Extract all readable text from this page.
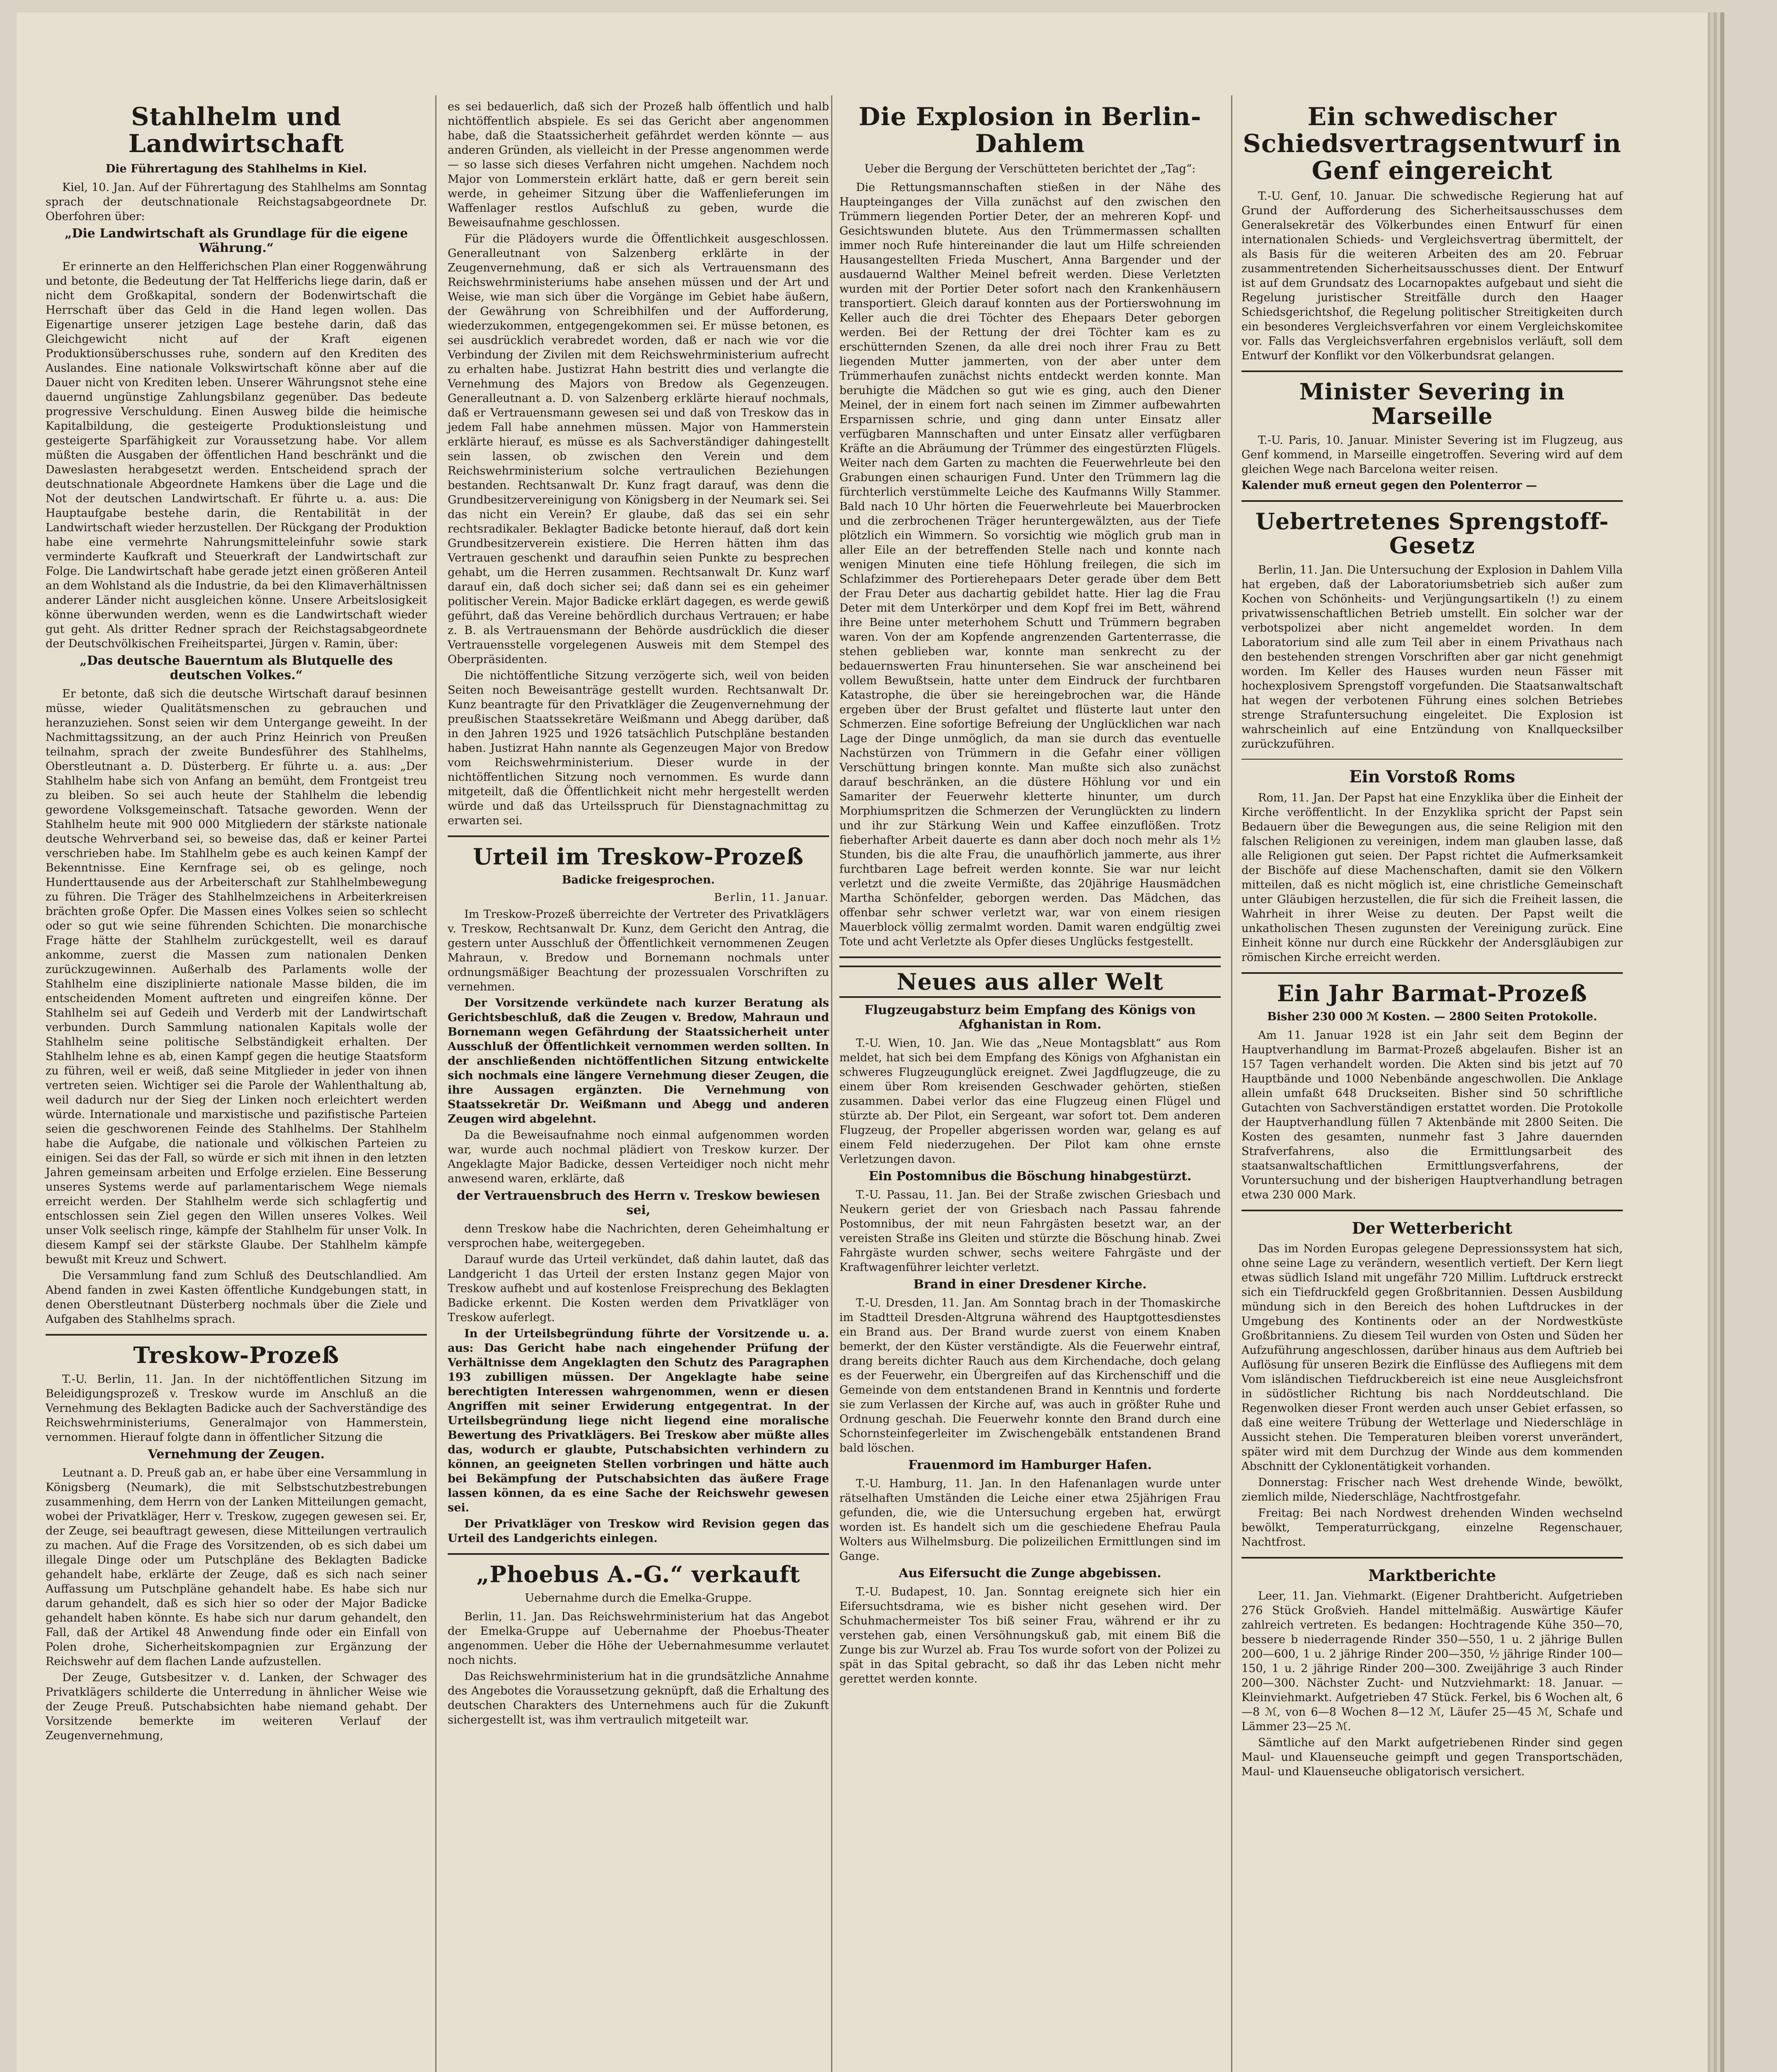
Stahlhelm und Landwirtschaft
Die Führertagung des Stahlhelms in Kiel.

Kiel, 10. Jan. Auf der Führertagung des Stahlhelms am Sonntag sprach der deutschnationale Reichstagsabgeordnete Dr. Oberfohren über:

„Die Landwirtschaft als Grundlage für die eigene Währung.“

Er erinnerte an den Helfferichschen Plan einer Roggenwährung und betonte, die Bedeutung der Tat Helfferichs liege darin, daß er nicht dem Großkapital, sondern der Bodenwirtschaft die Herrschaft über das Geld in die Hand legen wollen. Das Eigenartige unserer jetzigen Lage bestehe darin, daß das Gleichgewicht nicht auf der Kraft eigenen Produktionsüberschusses ruhe, sondern auf den Krediten des Auslandes. Eine nationale Volkswirtschaft könne aber auf die Dauer nicht von Krediten leben. Unserer Währungsnot stehe eine dauernd ungünstige Zahlungsbilanz gegenüber. Das bedeute progressive Verschuldung. Einen Ausweg bilde die heimische Kapitalbildung, die gesteigerte Produktionsleistung und gesteigerte Sparfähigkeit zur Voraussetzung habe. Vor allem müßten die Ausgaben der öffentlichen Hand beschränkt und die Daweslasten herabgesetzt werden. Entscheidend sprach der deutschnationale Abgeordnete Hamkens über die Lage und die Not der deutschen Landwirtschaft. Er führte u. a. aus: Die Hauptaufgabe bestehe darin, die Rentabilität in der Landwirtschaft wieder herzustellen. Der Rückgang der Produktion habe eine vermehrte Nahrungsmitteleinfuhr sowie stark verminderte Kaufkraft und Steuerkraft der Landwirtschaft zur Folge. Die Landwirtschaft habe gerade jetzt einen größeren Anteil an dem Wohlstand als die Industrie, da bei den Klimaverhältnissen anderer Länder nicht ausgleichen könne. Unsere Arbeitslosigkeit könne überwunden werden, wenn es die Landwirtschaft wieder gut geht. Als dritter Redner sprach der Reichstagsabgeordnete der Deutschvölkischen Freiheitspartei, Jürgen v. Ramin, über:

„Das deutsche Bauerntum als Blutquelle des deutschen Volkes.“

Er betonte, daß sich die deutsche Wirtschaft darauf besinnen müsse, wieder Qualitätsmenschen zu gebrauchen und heranzuziehen. Sonst seien wir dem Untergange geweiht. In der Nachmittagssitzung, an der auch Prinz Heinrich von Preußen teilnahm, sprach der zweite Bundesführer des Stahlhelms, Oberstleutnant a. D. Düsterberg. Er führte u. a. aus: „Der Stahlhelm habe sich von Anfang an bemüht, dem Frontgeist treu zu bleiben. So sei auch heute der Stahlhelm die lebendig gewordene Volksgemeinschaft. Tatsache geworden. Wenn der Stahlhelm heute mit 900 000 Mitgliedern der stärkste nationale deutsche Wehrverband sei, so beweise das, daß er keiner Partei verschrieben habe. Im Stahlhelm gebe es auch keinen Kampf der Bekenntnisse. Eine Kernfrage sei, ob es gelinge, noch Hunderttausende aus der Arbeiterschaft zur Stahlhelmbewegung zu führen. Die Träger des Stahlhelmzeichens in Arbeiterkreisen brächten große Opfer. Die Massen eines Volkes seien so schlecht oder so gut wie seine führenden Schichten. Die monarchische Frage hätte der Stahlhelm zurückgestellt, weil es darauf ankomme, zuerst die Massen zum nationalen Denken zurückzugewinnen. Außerhalb des Parlaments wolle der Stahlhelm eine disziplinierte nationale Masse bilden, die im entscheidenden Moment auftreten und eingreifen könne. Der Stahlhelm sei auf Gedeih und Verderb mit der Landwirtschaft verbunden. Durch Sammlung nationalen Kapitals wolle der Stahlhelm seine politische Selbständigkeit erhalten. Der Stahlhelm lehne es ab, einen Kampf gegen die heutige Staatsform zu führen, weil er weiß, daß seine Mitglieder in jeder von ihnen vertreten seien. Wichtiger sei die Parole der Wahlenthaltung ab, weil dadurch nur der Sieg der Linken noch erleichtert werden würde. Internationale und marxistische und pazifistische Parteien seien die geschworenen Feinde des Stahlhelms. Der Stahlhelm habe die Aufgabe, die nationale und völkischen Parteien zu einigen. Sei das der Fall, so würde er sich mit ihnen in den letzten Jahren gemeinsam arbeiten und Erfolge erzielen. Eine Besserung unseres Systems werde auf parlamentarischem Wege niemals erreicht werden. Der Stahlhelm werde sich schlagfertig und entschlossen sein Ziel gegen den Willen unseres Volkes. Weil unser Volk seelisch ringe, kämpfe der Stahlhelm für unser Volk. In diesem Kampf sei der stärkste Glaube. Der Stahlhelm kämpfe bewußt mit Kreuz und Schwert.

Die Versammlung fand zum Schluß des Deutschlandlied. Am Abend fanden in zwei Kasten öffentliche Kundgebungen statt, in denen Oberstleutnant Düsterberg nochmals über die Ziele und Aufgaben des Stahlhelms sprach.

Treskow-Prozeß

T.-U. Berlin, 11. Jan. In der nichtöffentlichen Sitzung im Beleidigungsprozeß v. Treskow wurde im Anschluß an die Vernehmung des Beklagten Badicke auch der Sachverständige des Reichswehrministeriums, Generalmajor von Hammerstein, vernommen. Hierauf folgte dann in öffentlicher Sitzung die

Vernehmung der Zeugen.

Leutnant a. D. Preuß gab an, er habe über eine Versammlung in Königsberg (Neumark), die mit Selbstschutzbestrebungen zusammenhing, dem Herrn von der Lanken Mitteilungen gemacht, wobei der Privatkläger, Herr v. Treskow, zugegen gewesen sei. Er, der Zeuge, sei beauftragt gewesen, diese Mitteilungen vertraulich zu machen. Auf die Frage des Vorsitzenden, ob es sich dabei um illegale Dinge oder um Putschpläne des Beklagten Badicke gehandelt habe, erklärte der Zeuge, daß es sich nach seiner Auffassung um Putschpläne gehandelt habe. Es habe sich nur darum gehandelt, daß es sich hier so oder der Major Badicke gehandelt haben könnte. Es habe sich nur darum gehandelt, den Fall, daß der Artikel 48 Anwendung finde oder ein Einfall von Polen drohe, Sicherheitskompagnien zur Ergänzung der Reichswehr auf dem flachen Lande aufzustellen.

Der Zeuge, Gutsbesitzer v. d. Lanken, der Schwager des Privatklägers schilderte die Unterredung in ähnlicher Weise wie der Zeuge Preuß. Putschabsichten habe niemand gehabt. Der Vorsitzende bemerkte im weiteren Verlauf der Zeugenvernehmung,

es sei bedauerlich, daß sich der Prozeß halb öffentlich und halb nichtöffentlich abspiele. Es sei das Gericht aber angenommen habe, daß die Staatssicherheit gefährdet werden könnte — aus anderen Gründen, als vielleicht in der Presse angenommen werde — so lasse sich dieses Verfahren nicht umgehen. Nachdem noch Major von Lommerstein erklärt hatte, daß er gern bereit sein werde, in geheimer Sitzung über die Waffenlieferungen im Waffenlager restlos Aufschluß zu geben, wurde die Beweisaufnahme geschlossen.

Für die Plädoyers wurde die Öffentlichkeit ausgeschlossen. Generalleutnant von Salzenberg erklärte in der Zeugenvernehmung, daß er sich als Vertrauensmann des Reichswehrministeriums habe ansehen müssen und der Art und Weise, wie man sich über die Vorgänge im Gebiet habe äußern, der Gewährung von Schreibhilfen und der Aufforderung, wiederzukommen, entgegengekommen sei. Er müsse betonen, es sei ausdrücklich verabredet worden, daß er nach wie vor die Verbindung der Zivilen mit dem Reichswehrministerium aufrecht zu erhalten habe. Justizrat Hahn bestritt dies und verlangte die Vernehmung des Majors von Bredow als Gegenzeugen. Generalleutnant a. D. von Salzenberg erklärte hierauf nochmals, daß er Vertrauensmann gewesen sei und daß von Treskow das in jedem Fall habe annehmen müssen. Major von Hammerstein erklärte hierauf, es müsse es als Sachverständiger dahingestellt sein lassen, ob zwischen den Verein und dem Reichswehrministerium solche vertraulichen Beziehungen bestanden. Rechtsanwalt Dr. Kunz fragt darauf, was denn die Grundbesitzervereinigung von Königsberg in der Neumark sei. Sei das nicht ein Verein? Er glaube, daß das sei ein sehr rechtsradikaler. Beklagter Badicke betonte hierauf, daß dort kein Grundbesitzerverein existiere. Die Herren hätten ihm das Vertrauen geschenkt und daraufhin seien Punkte zu besprechen gehabt, um die Herren zusammen. Rechtsanwalt Dr. Kunz warf darauf ein, daß doch sicher sei; daß dann sei es ein geheimer politischer Verein. Major Badicke erklärt dagegen, es werde gewiß geführt, daß das Vereine behördlich durchaus Vertrauen; er habe z. B. als Vertrauensmann der Behörde ausdrücklich die dieser Vertrauensstelle vorgelegenen Ausweis mit dem Stempel des Oberpräsidenten.

Die nichtöffentliche Sitzung verzögerte sich, weil von beiden Seiten noch Beweisanträge gestellt wurden. Rechtsanwalt Dr. Kunz beantragte für den Privatkläger die Zeugenvernehmung der preußischen Staatssekretäre Weißmann und Abegg darüber, daß in den Jahren 1925 und 1926 tatsächlich Putschpläne bestanden haben. Justizrat Hahn nannte als Gegenzeugen Major von Bredow vom Reichswehrministerium. Dieser wurde in der nichtöffentlichen Sitzung noch vernommen. Es wurde dann mitgeteilt, daß die Öffentlichkeit nicht mehr hergestellt werden würde und daß das Urteilsspruch für Dienstagnachmittag zu erwarten sei.

Urteil im Treskow-Prozeß
Badicke freigesprochen.
Berlin, 11. Januar.

Im Treskow-Prozeß überreichte der Vertreter des Privatklägers v. Treskow, Rechtsanwalt Dr. Kunz, dem Gericht den Antrag, die gestern unter Ausschluß der Öffentlichkeit vernommenen Zeugen Mahraun, v. Bredow und Bornemann nochmals unter ordnungsmäßiger Beachtung der prozessualen Vorschriften zu vernehmen.

Der Vorsitzende verkündete nach kurzer Beratung als Gerichtsbeschluß, daß die Zeugen v. Bredow, Mahraun und Bornemann wegen Gefährdung der Staatssicherheit unter Ausschluß der Öffentlichkeit vernommen werden sollten. In der anschließenden nichtöffentlichen Sitzung entwickelte sich nochmals eine längere Vernehmung dieser Zeugen, die ihre Aussagen ergänzten. Die Vernehmung von Staatssekretär Dr. Weißmann und Abegg und anderen Zeugen wird abgelehnt.

Da die Beweisaufnahme noch einmal aufgenommen worden war, wurde auch nochmal plädiert von Treskow kurzer. Der Angeklagte Major Badicke, dessen Verteidiger noch nicht mehr anwesend waren, erklärte, daß

der Vertrauensbruch des Herrn v. Treskow bewiesen sei,

denn Treskow habe die Nachrichten, deren Geheimhaltung er versprochen habe, weitergegeben.

Darauf wurde das Urteil verkündet, daß dahin lautet, daß das Landgericht 1 das Urteil der ersten Instanz gegen Major von Treskow aufhebt und auf kostenlose Freisprechung des Beklagten Badicke erkennt. Die Kosten werden dem Privatkläger von Treskow auferlegt.

In der Urteilsbegründung führte der Vorsitzende u. a. aus: Das Gericht habe nach eingehender Prüfung der Verhältnisse dem Angeklagten den Schutz des Paragraphen 193 zubilligen müssen. Der Angeklagte habe seine berechtigten Interessen wahrgenommen, wenn er diesen Angriffen mit seiner Erwiderung entgegentrat. In der Urteilsbegründung liege nicht liegend eine moralische Bewertung des Privatklägers. Bei Treskow aber müßte alles das, wodurch er glaubte, Putschabsichten verhindern zu können, an geeigneten Stellen vorbringen und hätte auch bei Bekämpfung der Putschabsichten das äußere Frage lassen können, da es eine Sache der Reichswehr gewesen sei.

Der Privatkläger von Treskow wird Revision gegen das Urteil des Landgerichts einlegen.

„Phoebus A.-G.“ verkauft
Uebernahme durch die Emelka-Gruppe.

Berlin, 11. Jan. Das Reichswehrministerium hat das Angebot der Emelka-Gruppe auf Uebernahme der Phoebus-Theater angenommen. Ueber die Höhe der Uebernahmesumme verlautet noch nichts.

Das Reichswehrministerium hat in die grundsätzliche Annahme des Angebotes die Voraussetzung geknüpft, daß die Erhaltung des deutschen Charakters des Unternehmens auch für die Zukunft sichergestellt ist, was ihm vertraulich mitgeteilt war.

Die Explosion in Berlin-Dahlem
Ueber die Bergung der Verschütteten berichtet der „Tag“:

Die Rettungsmannschaften stießen in der Nähe des Haupteinganges der Villa zunächst auf den zwischen den Trümmern liegenden Portier Deter, der an mehreren Kopf- und Gesichtswunden blutete. Aus den Trümmermassen schallten immer noch Rufe hintereinander die laut um Hilfe schreienden Hausangestellten Frieda Muschert, Anna Bargender und der ausdauernd Walther Meinel befreit werden. Diese Verletzten wurden mit der Portier Deter sofort nach den Krankenhäusern transportiert. Gleich darauf konnten aus der Portierswohnung im Keller auch die drei Töchter des Ehepaars Deter geborgen werden. Bei der Rettung der drei Töchter kam es zu erschütternden Szenen, da alle drei noch ihrer Frau zu Bett liegenden Mutter jammerten, von der aber unter dem Trümmerhaufen zunächst nichts entdeckt werden konnte. Man beruhigte die Mädchen so gut wie es ging, auch den Diener Meinel, der in einem fort nach seinen im Zimmer aufbewahrten Ersparnissen schrie, und ging dann unter Einsatz aller verfügbaren Mannschaften und unter Einsatz aller verfügbaren Kräfte an die Abräumung der Trümmer des eingestürzten Flügels. Weiter nach dem Garten zu machten die Feuerwehrleute bei den Grabungen einen schaurigen Fund. Unter den Trümmern lag die fürchterlich verstümmelte Leiche des Kaufmanns Willy Stammer. Bald nach 10 Uhr hörten die Feuerwehrleute bei Mauerbrocken und die zerbrochenen Träger heruntergewälzten, aus der Tiefe plötzlich ein Wimmern. So vorsichtig wie möglich grub man in aller Eile an der betreffenden Stelle nach und konnte nach wenigen Minuten eine tiefe Höhlung freilegen, die sich im Schlafzimmer des Portierehepaars Deter gerade über dem Bett der Frau Deter aus dachartig gebildet hatte. Hier lag die Frau Deter mit dem Unterkörper und dem Kopf frei im Bett, während ihre Beine unter meterhohem Schutt und Trümmern begraben waren. Von der am Kopfende angrenzenden Gartenterrasse, die stehen geblieben war, konnte man senkrecht zu der bedauernswerten Frau hinuntersehen. Sie war anscheinend bei vollem Bewußtsein, hatte unter dem Eindruck der furchtbaren Katastrophe, die über sie hereingebrochen war, die Hände ergeben über der Brust gefaltet und flüsterte laut unter den Schmerzen. Eine sofortige Befreiung der Unglücklichen war nach Lage der Dinge unmöglich, da man sie durch das eventuelle Nachstürzen von Trümmern in die Gefahr einer völligen Verschüttung bringen konnte. Man mußte sich also zunächst darauf beschränken, an die düstere Höhlung vor und ein Samariter der Feuerwehr kletterte hinunter, um durch Morphiumspritzen die Schmerzen der Verunglückten zu lindern und ihr zur Stärkung Wein und Kaffee einzuflößen. Trotz fieberhafter Arbeit dauerte es dann aber doch noch mehr als 1½ Stunden, bis die alte Frau, die unaufhörlich jammerte, aus ihrer furchtbaren Lage befreit werden konnte. Sie war nur leicht verletzt und die zweite Vermißte, das 20jährige Hausmädchen Martha Schönfelder, geborgen werden. Das Mädchen, das offenbar sehr schwer verletzt war, war von einem riesigen Mauerblock völlig zermalmt worden. Damit waren endgültig zwei Tote und acht Verletzte als Opfer dieses Unglücks festgestellt.

Neues aus aller Welt
Flugzeugabsturz beim Empfang des Königs von Afghanistan in Rom.

T.-U. Wien, 10. Jan. Wie das „Neue Montagsblatt“ aus Rom meldet, hat sich bei dem Empfang des Königs von Afghanistan ein schweres Flugzeugunglück ereignet. Zwei Jagdflugzeuge, die zu einem über Rom kreisenden Geschwader gehörten, stießen zusammen. Dabei verlor das eine Flugzeug einen Flügel und stürzte ab. Der Pilot, ein Sergeant, war sofort tot. Dem anderen Flugzeug, der Propeller abgerissen worden war, gelang es auf einem Feld niederzugehen. Der Pilot kam ohne ernste Verletzungen davon.

Ein Postomnibus die Böschung hinabgestürzt.

T.-U. Passau, 11. Jan. Bei der Straße zwischen Griesbach und Neukern geriet der von Griesbach nach Passau fahrende Postomnibus, der mit neun Fahrgästen besetzt war, an der vereisten Straße ins Gleiten und stürzte die Böschung hinab. Zwei Fahrgäste wurden schwer, sechs weitere Fahrgäste und der Kraftwagenführer leichter verletzt.

Brand in einer Dresdener Kirche.

T.-U. Dresden, 11. Jan. Am Sonntag brach in der Thomaskirche im Stadtteil Dresden-Altgruna während des Hauptgottesdienstes ein Brand aus. Der Brand wurde zuerst von einem Knaben bemerkt, der den Küster verständigte. Als die Feuerwehr eintraf, drang bereits dichter Rauch aus dem Kirchendache, doch gelang es der Feuerwehr, ein Übergreifen auf das Kirchenschiff und die Gemeinde von dem entstandenen Brand in Kenntnis und forderte sie zum Verlassen der Kirche auf, was auch in größter Ruhe und Ordnung geschah. Die Feuerwehr konnte den Brand durch eine Schornsteinfegerleiter im Zwischengebälk entstandenen Brand bald löschen.

Frauenmord im Hamburger Hafen.

T.-U. Hamburg, 11. Jan. In den Hafenanlagen wurde unter rätselhaften Umständen die Leiche einer etwa 25jährigen Frau gefunden, die, wie die Untersuchung ergeben hat, erwürgt worden ist. Es handelt sich um die geschiedene Ehefrau Paula Wolters aus Wilhelmsburg. Die polizeilichen Ermittlungen sind im Gange.

Aus Eifersucht die Zunge abgebissen.

T.-U. Budapest, 10. Jan. Sonntag ereignete sich hier ein Eifersuchtsdrama, wie es bisher nicht gesehen wird. Der Schuhmachermeister Tos biß seiner Frau, während er ihr zu verstehen gab, einen Versöhnungskuß gab, mit einem Biß die Zunge bis zur Wurzel ab. Frau Tos wurde sofort von der Polizei zu spät in das Spital gebracht, so daß ihr das Leben nicht mehr gerettet werden konnte.

Ein schwedischer Schiedsvertragsentwurf in Genf eingereicht

T.-U. Genf, 10. Januar. Die schwedische Regierung hat auf Grund der Aufforderung des Sicherheitsausschusses dem Generalsekretär des Völkerbundes einen Entwurf für einen internationalen Schieds- und Vergleichsvertrag übermittelt, der als Basis für die weiteren Arbeiten des am 20. Februar zusammentretenden Sicherheitsausschusses dient. Der Entwurf ist auf dem Grundsatz des Locarnopaktes aufgebaut und sieht die Regelung juristischer Streitfälle durch den Haager Schiedsgerichtshof, die Regelung politischer Streitigkeiten durch ein besonderes Vergleichsverfahren vor einem Vergleichskomitee vor. Falls das Vergleichsverfahren ergebnislos verläuft, soll dem Entwurf der Konflikt vor den Völkerbundsrat gelangen.

Minister Severing in Marseille

T.-U. Paris, 10. Januar. Minister Severing ist im Flugzeug, aus Genf kommend, in Marseille eingetroffen. Severing wird auf dem gleichen Wege nach Barcelona weiter reisen.

Kalender muß erneut gegen den Polenterror —
Uebertretenes Sprengstoff-Gesetz

Berlin, 11. Jan. Die Untersuchung der Explosion in Dahlem Villa hat ergeben, daß der Laboratoriumsbetrieb sich außer zum Kochen von Schönheits- und Verjüngungsartikeln (!) zu einem privatwissenschaftlichen Betrieb umstellt. Ein solcher war der verbotspolizei aber nicht angemeldet worden. In dem Laboratorium sind alle zum Teil aber in einem Privathaus nach den bestehenden strengen Vorschriften aber gar nicht genehmigt worden. Im Keller des Hauses wurden neun Fässer mit hochexplosivem Sprengstoff vorgefunden. Die Staatsanwaltschaft hat wegen der verbotenen Führung eines solchen Betriebes strenge Strafuntersuchung eingeleitet. Die Explosion ist wahrscheinlich auf eine Entzündung von Knallquecksilber zurückzuführen.

Ein Vorstoß Roms

Rom, 11. Jan. Der Papst hat eine Enzyklika über die Einheit der Kirche veröffentlicht. In der Enzyklika spricht der Papst sein Bedauern über die Bewegungen aus, die seine Religion mit den falschen Religionen zu vereinigen, indem man glauben lasse, daß alle Religionen gut seien. Der Papst richtet die Aufmerksamkeit der Bischöfe auf diese Machenschaften, damit sie den Völkern mitteilen, daß es nicht möglich ist, eine christliche Gemeinschaft unter Gläubigen herzustellen, die für sich die Freiheit lassen, die Wahrheit in ihrer Weise zu deuten. Der Papst weilt die unkatholischen Thesen zugunsten der Vereinigung zurück. Eine Einheit könne nur durch eine Rückkehr der Andersgläubigen zur römischen Kirche erreicht werden.

Ein Jahr Barmat-Prozeß
Bisher 230 000 ℳ Kosten. — 2800 Seiten Protokolle.

Am 11. Januar 1928 ist ein Jahr seit dem Beginn der Hauptverhandlung im Barmat-Prozeß abgelaufen. Bisher ist an 157 Tagen verhandelt worden. Die Akten sind bis jetzt auf 70 Hauptbände und 1000 Nebenbände angeschwollen. Die Anklage allein umfaßt 648 Druckseiten. Bisher sind 50 schriftliche Gutachten von Sachverständigen erstattet worden. Die Protokolle der Hauptverhandlung füllen 7 Aktenbände mit 2800 Seiten. Die Kosten des gesamten, nunmehr fast 3 Jahre dauernden Strafverfahrens, also die Ermittlungsarbeit des staatsanwaltschaftlichen Ermittlungsverfahrens, der Voruntersuchung und der bisherigen Hauptverhandlung betragen etwa 230 000 Mark.

Der Wetterbericht

Das im Norden Europas gelegene Depressionssystem hat sich, ohne seine Lage zu verändern, wesentlich vertieft. Der Kern liegt etwas südlich Island mit ungefähr 720 Millim. Luftdruck erstreckt sich ein Tiefdruckfeld gegen Großbritannien. Dessen Ausbildung mündung sich in den Bereich des hohen Luftdruckes in der Umgebung des Kontinents oder an der Nordwestküste Großbritanniens. Zu diesem Teil wurden von Osten und Süden her Aufzuführung angeschlossen, darüber hinaus aus dem Auftrieb bei Auflösung für unseren Bezirk die Einflüsse des Aufliegens mit dem Vom isländischen Tiefdruckbereich ist eine neue Ausgleichsfront in südöstlicher Richtung bis nach Norddeutschland. Die Regenwolken dieser Front werden auch unser Gebiet erfassen, so daß eine weitere Trübung der Wetterlage und Niederschläge in Aussicht stehen. Die Temperaturen bleiben vorerst unverändert, später wird mit dem Durchzug der Winde aus dem kommenden Abschnitt der Cyklonentätigkeit vorhanden.

Donnerstag: Frischer nach West drehende Winde, bewölkt, ziemlich milde, Niederschläge, Nachtfrostgefahr.

Freitag: Bei nach Nordwest drehenden Winden wechselnd bewölkt, Temperaturrückgang, einzelne Regenschauer, Nachtfrost.

Marktberichte

Leer, 11. Jan. Viehmarkt. (Eigener Drahtbericht. Aufgetrieben 276 Stück Großvieh. Handel mittelmäßig. Auswärtige Käufer zahlreich vertreten. Es bedangen: Hochtragende Kühe 350—70, bessere b niederragende Rinder 350—550, 1 u. 2 jährige Bullen 200—600, 1 u. 2 jährige Rinder 200—350, ½ jährige Rinder 100—150, 1 u. 2 jährige Rinder 200—300. Zweijährige 3 auch Rinder 200—300. Nächster Zucht- und Nutzviehmarkt: 18. Januar. — Kleinviehmarkt. Aufgetrieben 47 Stück. Ferkel, bis 6 Wochen alt, 6—8 ℳ, von 6—8 Wochen 8—12 ℳ, Läufer 25—45 ℳ, Schafe und Lämmer 23—25 ℳ.

Sämtliche auf den Markt aufgetriebenen Rinder sind gegen Maul- und Klauenseuche geimpft und gegen Transportschäden, Maul- und Klauenseuche obligatorisch versichert.
